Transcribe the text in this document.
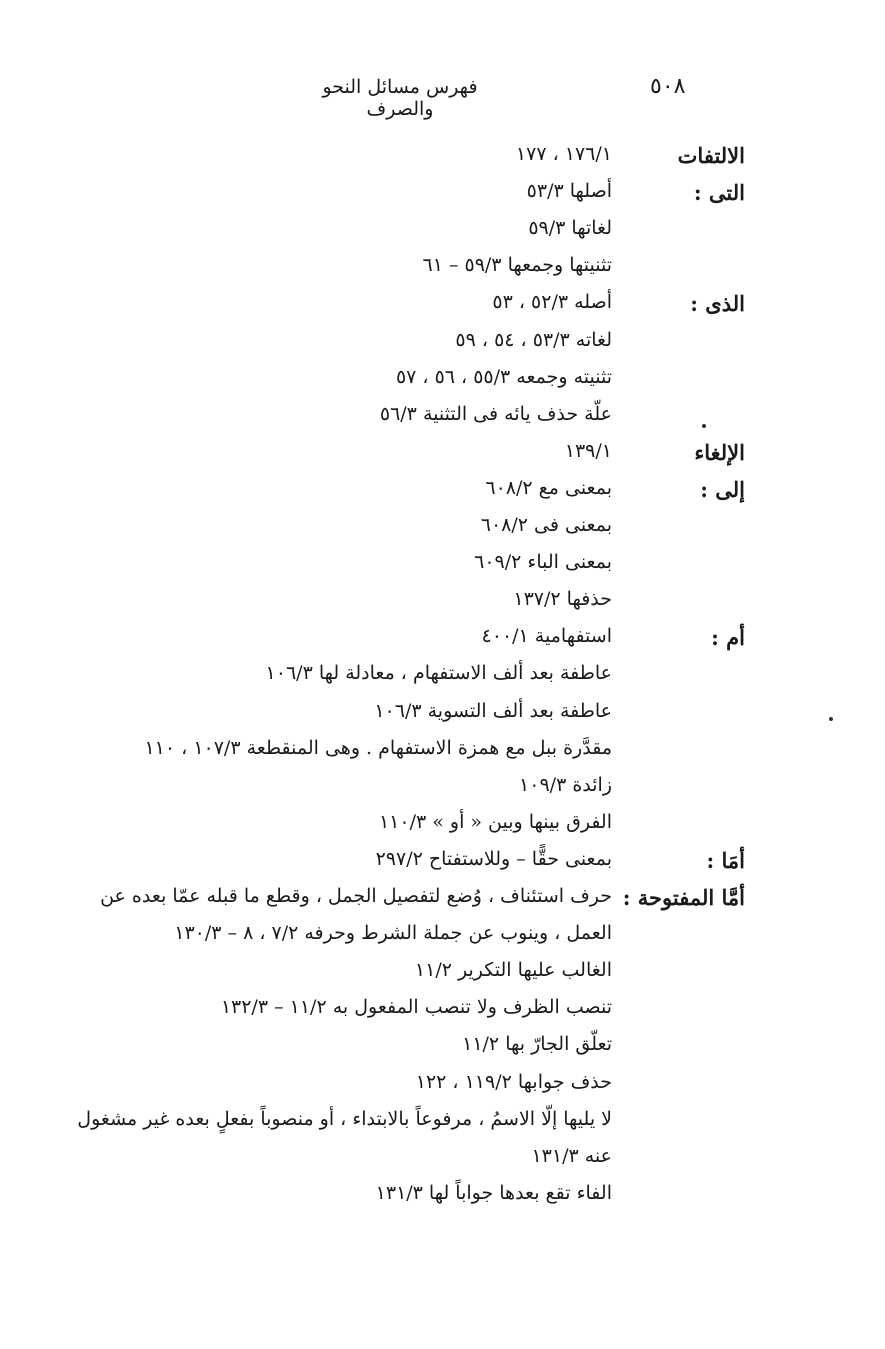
٥٠٨
فهرس مسائل النحو والصرف
الالتفات
١٧٦/١ ، ١٧٧
التى :
أصلها ٥٣/٣
لغاتها ٥٩/٣
تثنيتها وجمعها ٥٩/٣ – ٦١
الذى :
أصله ٥٢/٣ ، ٥٣
لغاته ٥٣/٣ ، ٥٤ ، ٥٩
تثنيته وجمعه ٥٥/٣ ، ٥٦ ، ٥٧
علّة حذف يائه فى التثنية ٥٦/٣
الإلغاء
١٣٩/١
إلى :
بمعنى مع ٦٠٨/٢
بمعنى فى ٦٠٨/٢
بمعنى الباء ٦٠٩/٢
حذفها ١٣٧/٢
أم :
استفهامية ٤٠٠/١
عاطفة بعد ألف الاستفهام ، معادلة لها ١٠٦/٣
عاطفة بعد ألف التسوية ١٠٦/٣
مقدَّرة ببل مع همزة الاستفهام . وهى المنقطعة ١٠٧/٣ ، ١١٠
زائدة ١٠٩/٣
الفرق بينها وبين « أو » ١١٠/٣
أمَا :
بمعنى حقًّا – وللاستفتاح ٢٩٧/٢
أمَّا المفتوحة :
حرف استئناف ، وُضع لتفصيل الجمل ، وقطع ما قبله عمّا بعده عن
العمل ، وينوب عن جملة الشرط وحرفه ٧/٢ ، ٨ – ١٣٠/٣
الغالب عليها التكرير ١١/٢
تنصب الظرف ولا تنصب المفعول به ١١/٢ – ١٣٢/٣
تعلّق الجارّ بها ١١/٢
حذف جوابها ١١٩/٢ ، ١٢٢
لا يليها إلّا الاسمُ ، مرفوعاً بالابتداء ، أو منصوباً بفعلٍ بعده غير مشغول
عنه ١٣١/٣
الفاء تقع بعدها جواباً لها ١٣١/٣
